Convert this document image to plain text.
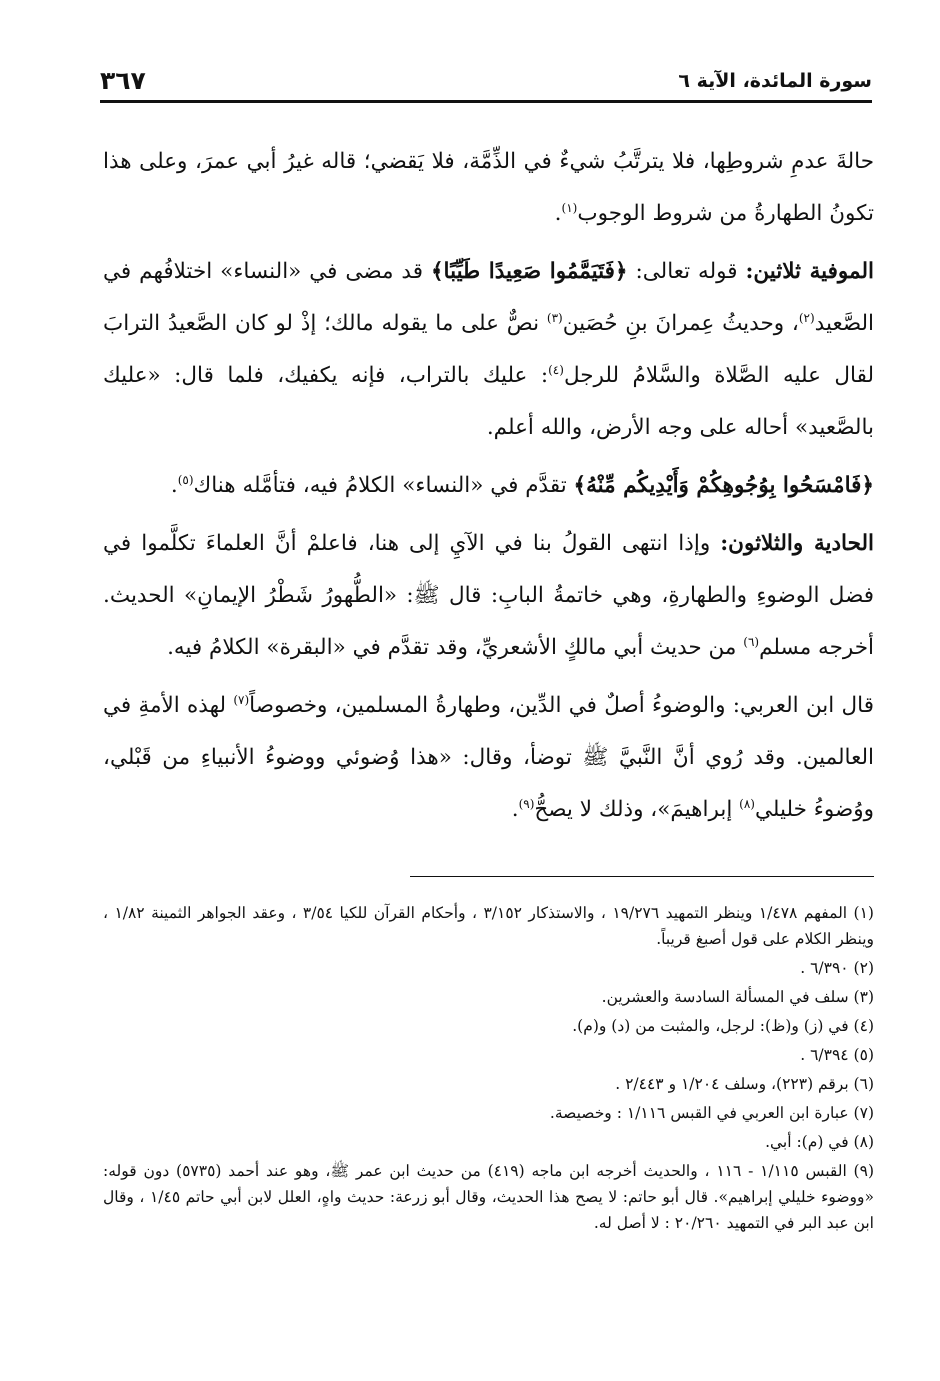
سورة المائدة، الآية ٦
٣٦٧

حالةَ عدمِ شروطِها، فلا يترتَّبُ شيءٌ في الذِّمَّة، فلا يَقضي؛ قاله غيرُ أبي عمرَ، وعلى هذا تكونُ الطهارةُ من شروط الوجوب$^{(١)}$.

الموفية ثلاثين: قوله تعالى: ﴿فَتَيَمَّمُوا صَعِيدًا طَيِّبًا﴾ قد مضى في «النساء» اختلافُهم في الصَّعيد$^{(٢)}$، وحديثُ عِمرانَ بنِ حُصَين$^{(٣)}$ نصٌّ على ما يقوله مالك؛ إذْ لو كان الصَّعيدُ الترابَ لقال عليه الصَّلاة والسَّلامُ للرجل$^{(٤)}$: عليك بالتراب، فإنه يكفيك، فلما قال: «عليك بالصَّعيد» أحاله على وجه الأرض، والله أعلم.

﴿فَامْسَحُوا بِوُجُوهِكُمْ وَأَيْدِيكُم مِّنْهُ﴾ تقدَّم في «النساء» الكلامُ فيه، فتأمَّله هناك$^{(٥)}$.

الحادية والثلاثون: وإذا انتهى القولُ بنا في الآيِ إلى هنا، فاعلمْ أنَّ العلماءَ تكلَّموا في فضل الوضوءِ والطهارةِ، وهي خاتمةُ البابِ: قال ﷺ: «الطُّهورُ شَطْرُ الإيمانِ» الحديث. أخرجه مسلم$^{(٦)}$ من حديث أبي مالكٍ الأشعريِّ، وقد تقدَّم في «البقرة» الكلامُ فيه.

قال ابن العربي: والوضوءُ أصلٌ في الدِّين، وطهارةُ المسلمين، وخصوصاً$^{(٧)}$ لهذه الأمةِ في العالمين. وقد رُوي أنَّ النَّبيَّ ﷺ توضأ، وقال: «هذا وُضوئي ووضوءُ الأنبياءِ من قَبْلي، ووُضوءُ خليلي$^{(٨)}$ إبراهيمَ»، وذلك لا يصحُّ$^{(٩)}$.

(١) المفهم ١/٤٧٨ وينظر التمهيد ١٩/٢٧٦ ، والاستذكار ٣/١٥٢ ، وأحكام القرآن للكيا ٣/٥٤ ، وعقد الجواهر الثمينة ١/٨٢ ، وينظر الكلام على قول أصبغ قريباً.

(٢) ٦/٣٩٠ .

(٣) سلف في المسألة السادسة والعشرين.

(٤) في (ز) و(ظ): لرجل، والمثبت من (د) و(م).

(٥) ٦/٣٩٤ .

(٦) برقم (٢٢٣)، وسلف ١/٢٠٤ و ٢/٤٤٣ .

(٧) عبارة ابن العربي في القبس ١/١١٦ : وخصيصة.

(٨) في (م): أبي.

(٩) القبس ١/١١٥ - ١١٦ ، والحديث أخرجه ابن ماجه (٤١٩) من حديث ابن عمر ﷺ، وهو عند أحمد (٥٧٣٥) دون قوله: «ووضوء خليلي إبراهيم». قال أبو حاتم: لا يصح هذا الحديث، وقال أبو زرعة: حديث واهٍ، العلل لابن أبي حاتم ١/٤٥ ، وقال ابن عبد البر في التمهيد ٢٠/٢٦٠ : لا أصل له.
